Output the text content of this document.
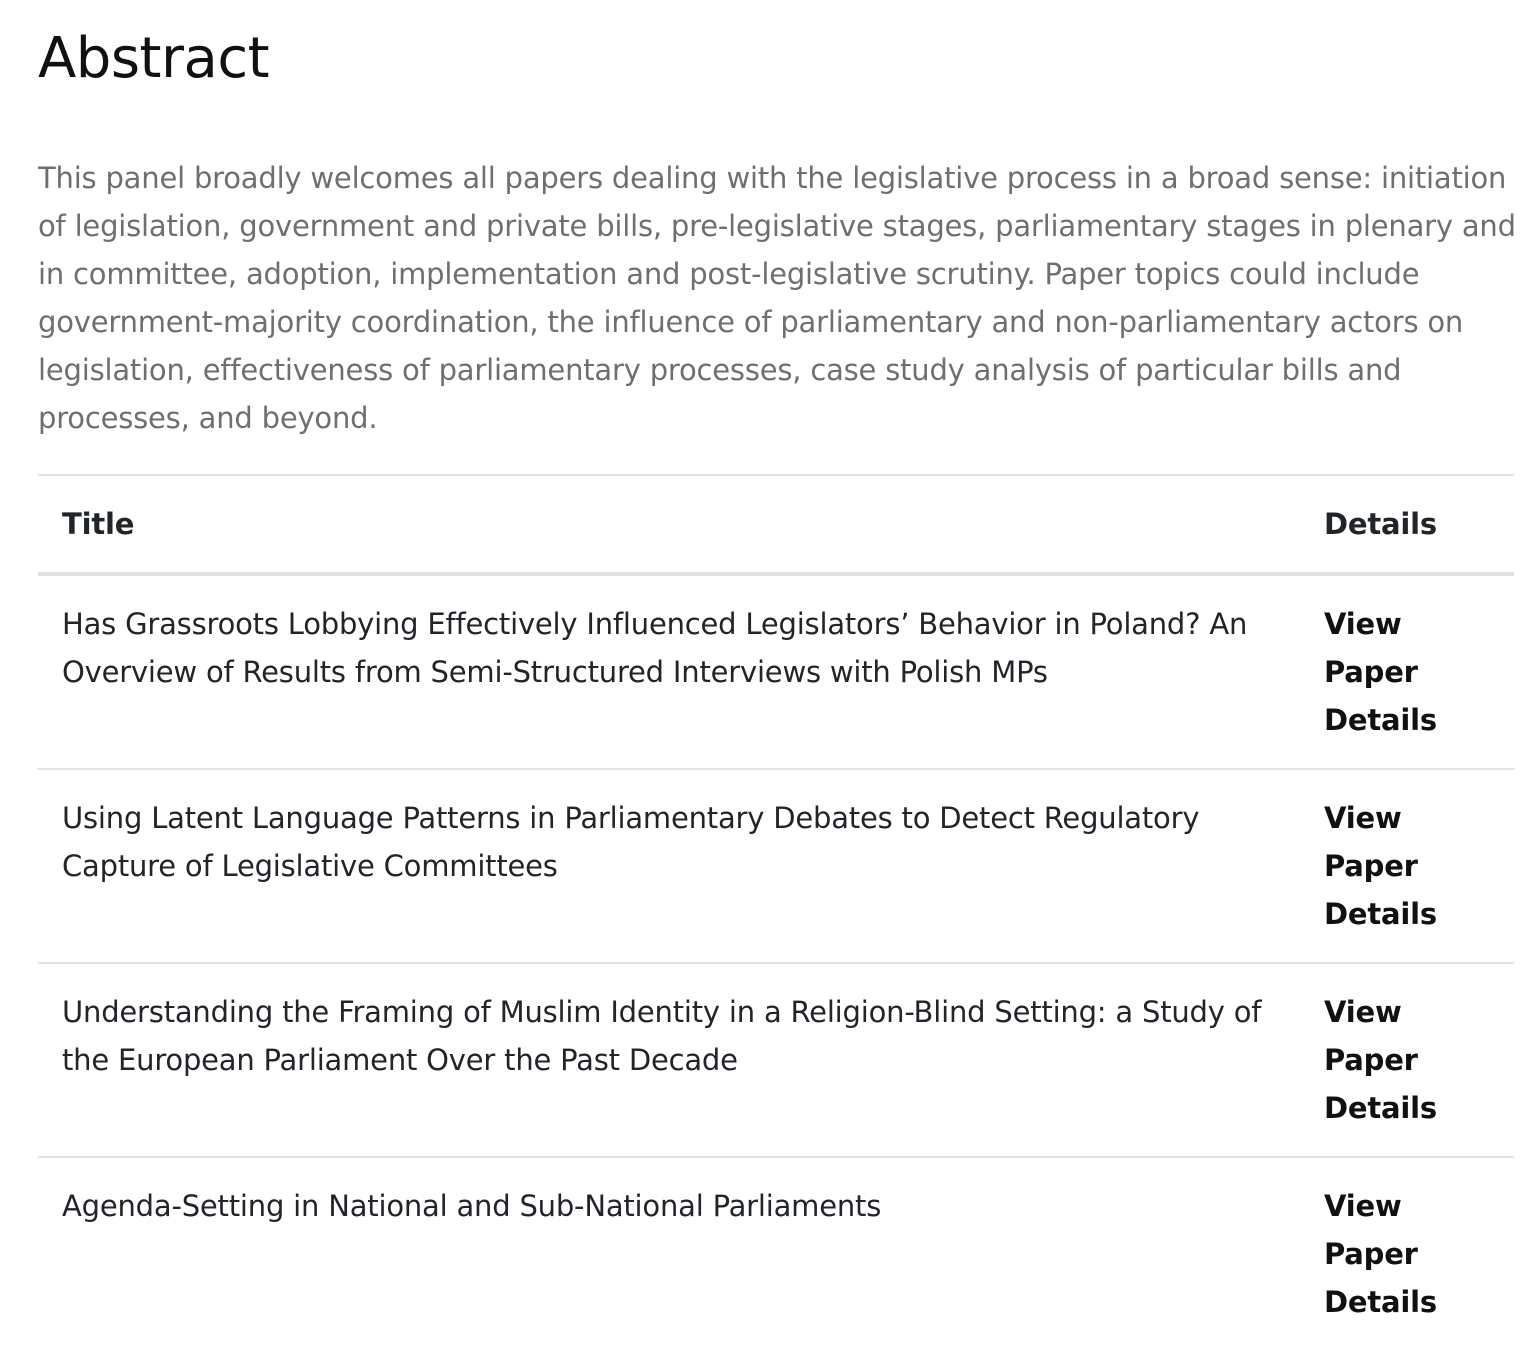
Abstract

This panel broadly welcomes all papers dealing with the legislative process in a broad sense: initiation of legislation, government and private bills, pre-legislative stages, parliamentary stages in plenary and in committee, adoption, implementation and post-legislative scrutiny. Paper topics could include government-majority coordination, the influence of parliamentary and non-parliamentary actors on legislation, effectiveness of parliamentary processes, case study analysis of particular bills and processes, and beyond.

Title	Details
Has Grassroots Lobbying Effectively Influenced Legislators’ Behavior in Poland? An Overview of Results from Semi-Structured Interviews with Polish MPs	View Paper Details

Using Latent Language Patterns in Parliamentary Debates to Detect Regulatory Capture of Legislative Committees	View Paper Details

Understanding the Framing of Muslim Identity in a Religion-Blind Setting: a Study of the European Parliament Over the Past Decade	View Paper Details

Agenda-Setting in National and Sub-National Parliaments	View Paper Details
